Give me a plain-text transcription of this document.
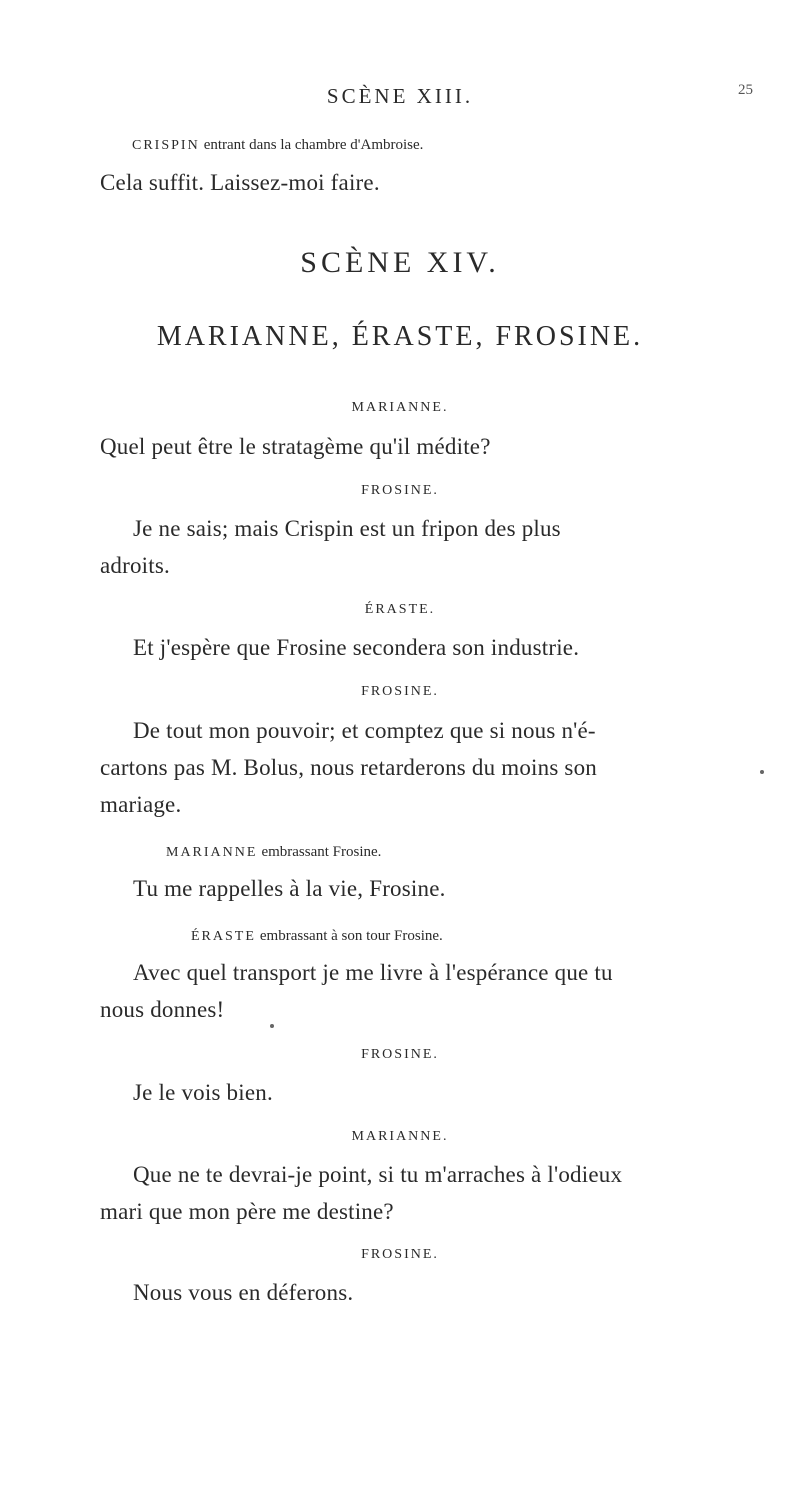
SCÈNE XIII.	25
CRISPIN entrant dans la chambre d'Ambroise.
Cela suffit. Laissez-moi faire.
SCÈNE XIV.
MARIANNE, ÉRASTE, FROSINE.
MARIANNE.
Quel peut être le stratagème qu'il médite?
FROSINE.
Je ne sais; mais Crispin est un fripon des plus
adroits.
ÉRASTE.
Et j'espère que Frosine secondera son industrie.
FROSINE.
De tout mon pouvoir; et comptez que si nous n'é-
cartons pas M. Bolus, nous retarderons du moins son
mariage.
MARIANNE embrassant Frosine.
Tu me rappelles à la vie, Frosine.
ÉRASTE embrassant à son tour Frosine.
Avec quel transport je me livre à l'espérance que tu
nous donnes!
FROSINE.
Je le vois bien.
MARIANNE.
Que ne te devrai-je point, si tu m'arraches à l'odieux
mari que mon père me destine?
FROSINE.
Nous vous en déferons.
